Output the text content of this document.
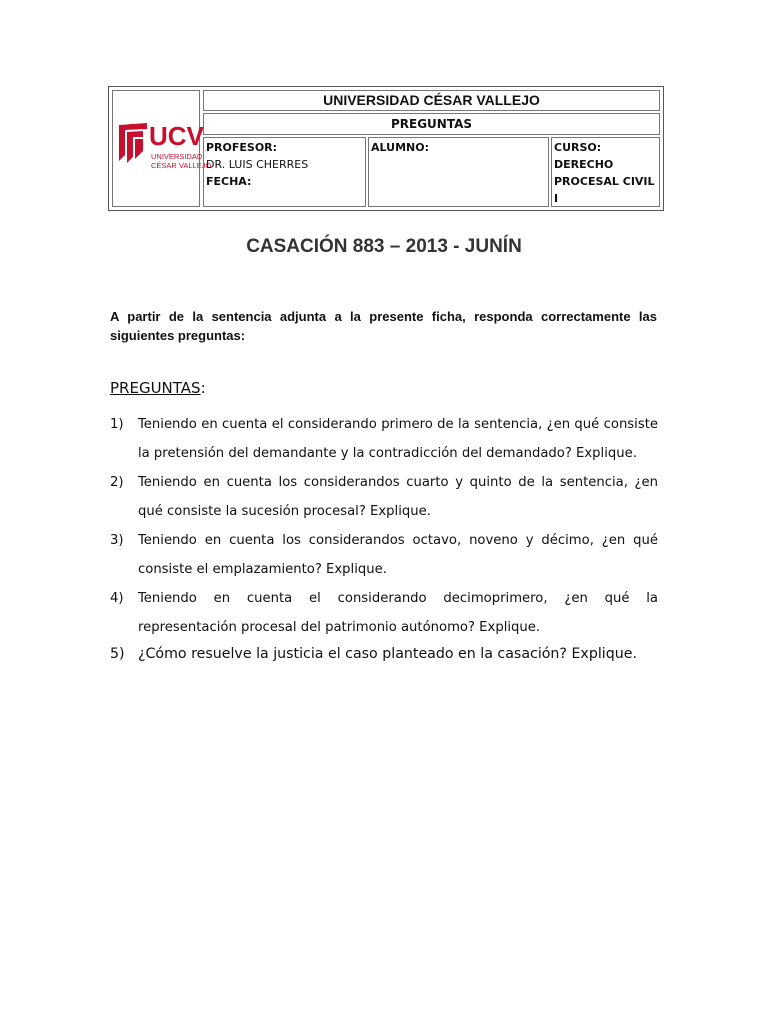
UCV
UNIVERSIDAD
CÉSAR VALLEJO
UNIVERSIDAD CÉSAR VALLEJO
PREGUNTAS
PROFESOR:
DR. LUIS CHERRES
FECHA:
ALUMNO:	CURSO: DERECHO
PROCESAL CIVIL I
CASACIÓN 883 – 2013 - JUNÍN
A partir de la sentencia adjunta a la presente ficha, responda correctamente las siguientes preguntas:
PREGUNTAS:
1) Teniendo en cuenta el considerando primero de la sentencia, ¿en qué consiste la pretensión del demandante y la contradicción del demandado? Explique.
2) Teniendo en cuenta los considerandos cuarto y quinto de la sentencia, ¿en qué consiste la sucesión procesal? Explique.
3) Teniendo en cuenta los considerandos octavo, noveno y décimo, ¿en qué consiste el emplazamiento? Explique.
4) Teniendo en cuenta el considerando decimoprimero, ¿en qué la representación procesal del patrimonio autónomo? Explique.
5) ¿Cómo resuelve la justicia el caso planteado en la casación? Explique.
